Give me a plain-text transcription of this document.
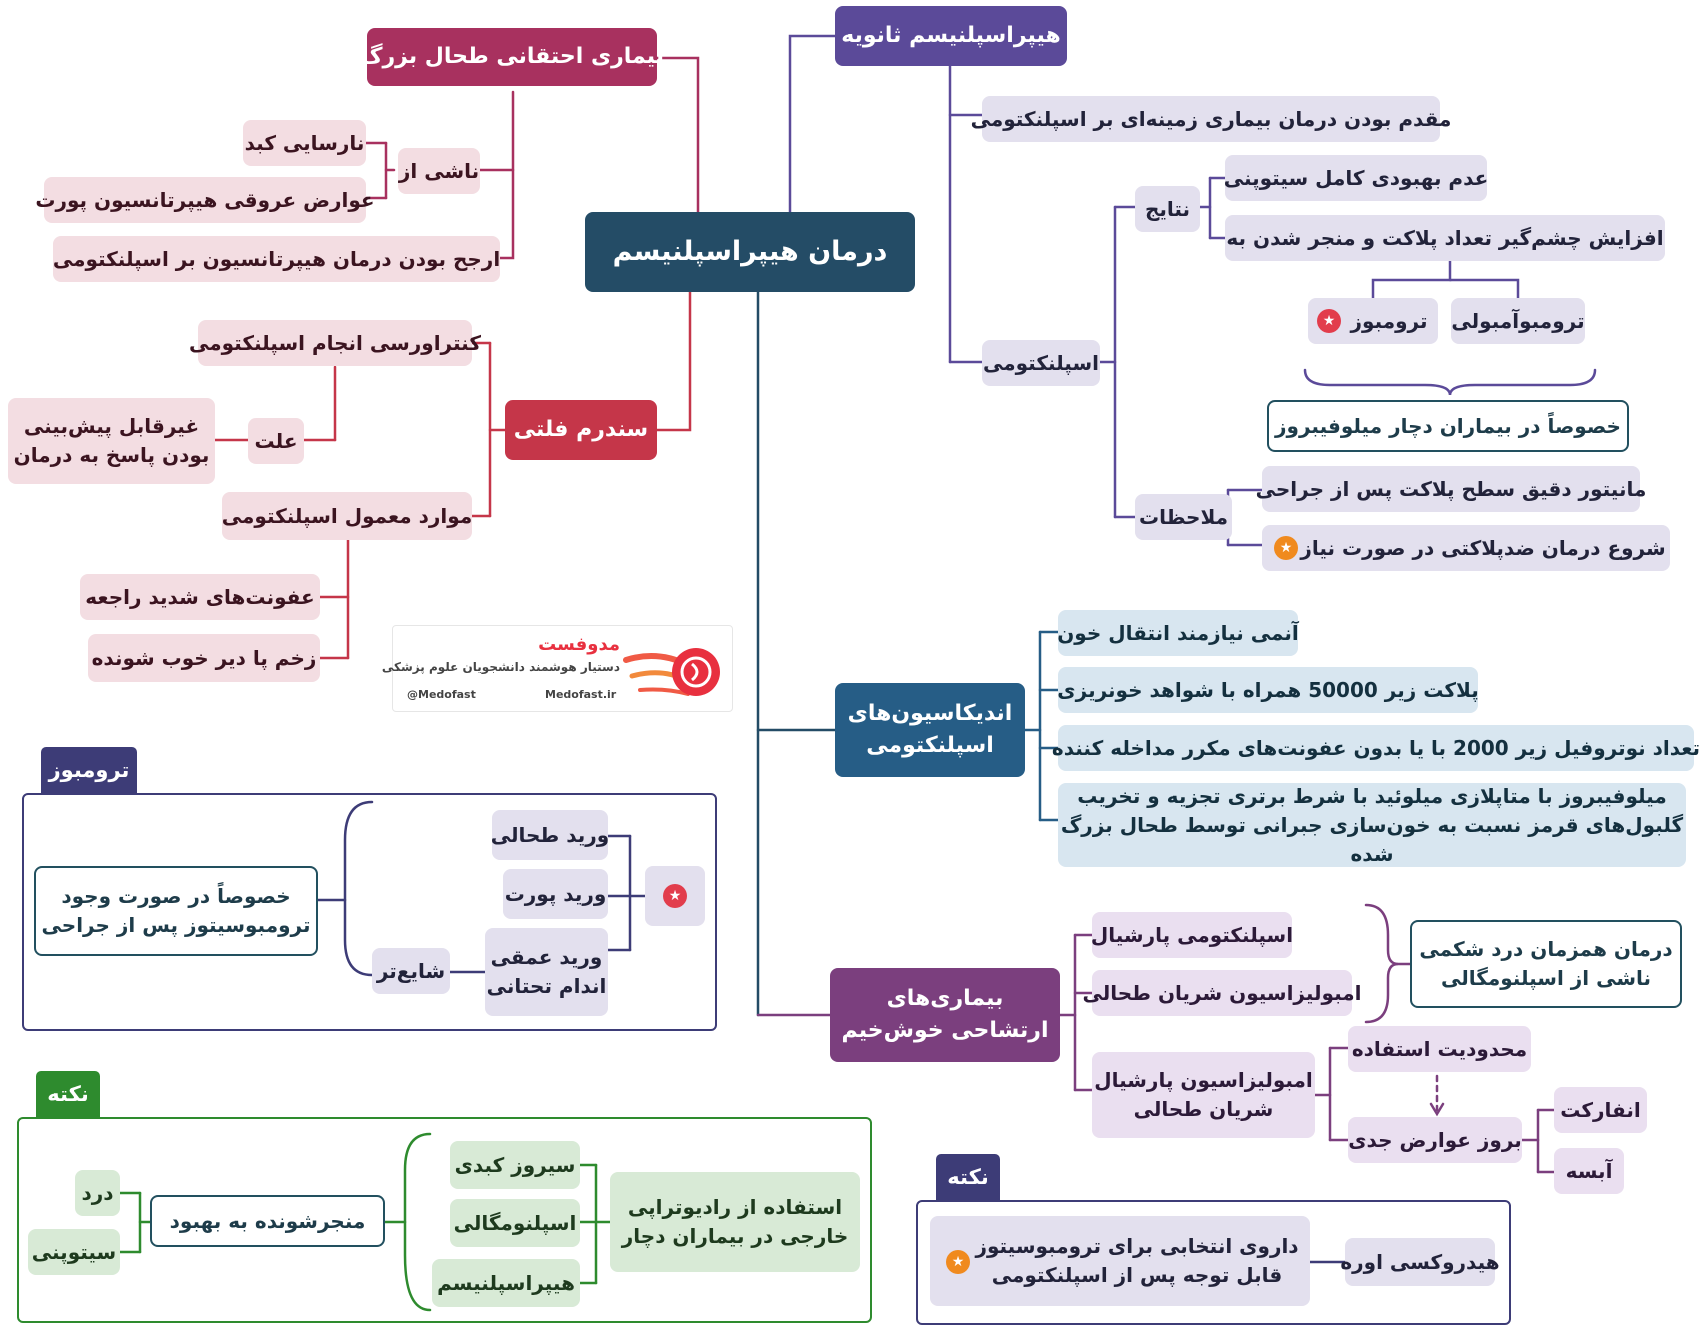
درمان هیپراسپلنیسم
بیماری احتقانی طحال بزرگ
ناشی از
نارسایی کبد
عوارض عروقی هیپرتانسیون پورت
ارجح بودن درمان هیپرتانسیون بر اسپلنکتومی
سندرم فلتی
کنتراورسی انجام اسپلنکتومی
علت
غیرقابل پیش‌بینی
بودن پاسخ به درمان
موارد معمول اسپلنکتومی
عفونت‌های شدید راجعه
زخم پا دیر خوب شونده
مدوفست
دستیار هوشمند دانشجویان علوم پزشکی
@Medofast	Medofast.ir
هیپراسپلنیسم ثانویه
مقدم بودن درمان بیماری زمینه‌ای بر اسپلنکتومی
اسپلنکتومی
نتایج
عدم بهبودی کامل سیتوپنی
افزایش چشم‌گیر تعداد پلاکت و منجر شدن به
ترومبوز
★	ترومبوآمبولی
خصوصاً در بیماران دچار میلوفیبروز
ملاحظات
مانیتور دقیق سطح پلاکت پس از جراحی
شروع درمان ضدپلاکتی در صورت نیاز
★
اندیکاسیون‌های
اسپلنکتومی
آنمی نیازمند انتقال خون
پلاکت زیر 50000 همراه با شواهد خونریزی
تعداد نوتروفیل زیر 2000 با یا بدون عفونت‌های مکرر مداخله کننده
میلوفیبروز با متاپلازی میلوئید با شرط برتری تجزیه و تخریب
گلبول‌های قرمز نسبت به خون‌سازی جبرانی توسط طحال بزرگ شده
بیماری‌های
ارتشاحی خوش‌خیم
اسپلنکتومی پارشیال
امبولیزاسیون شریان طحالی
امبولیزاسیون پارشیال
شریان طحالی
درمان همزمان درد شکمی
ناشی از اسپلنومگالی
محدودیت استفاده
بروز عوارض جدی
انفارکت
آبسه
ترومبوز
ورید طحالی
ورید پورت
ورید عمقی
اندام تحتانی
★
شایع‌تر
خصوصاً در صورت وجود
ترومبوسیتوز پس از جراحی
نکته
استفاده از رادیوتراپی
خارجی در بیماران دچار
سیروز کبدی
اسپلنومگالی
هیپراسپلنیسم
منجرشونده به بهبود
درد
سیتوپنی
نکته
هیدروکسی اوره
داروی انتخابی برای ترومبوسیتوز
قابل توجه پس از اسپلنکتومی
★
